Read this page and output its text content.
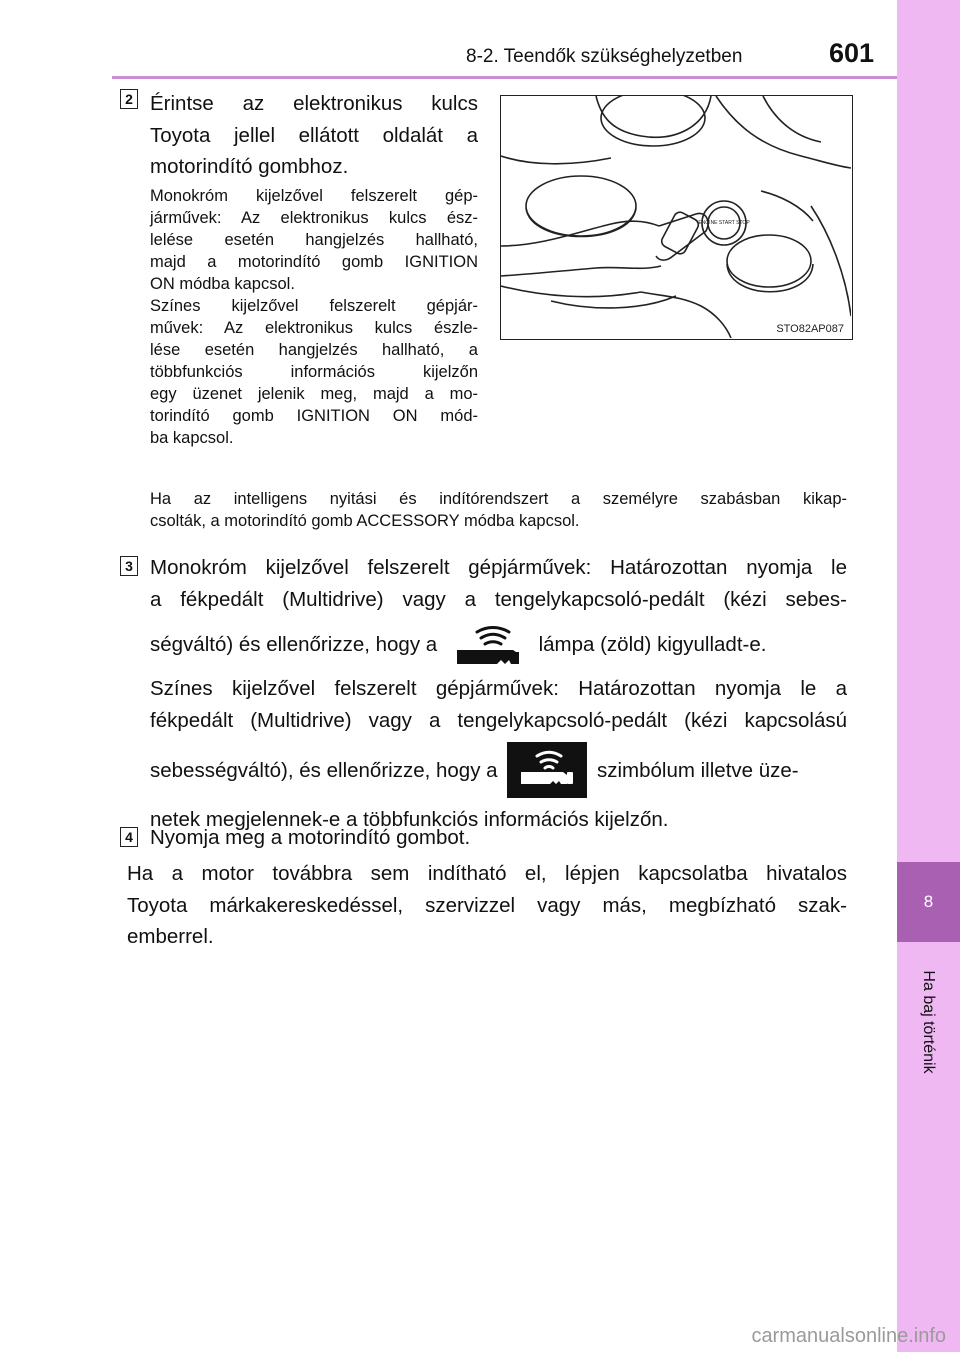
8-2. Teendők szükséghelyzetben	601
8
Ha baj történik
2 Érintse az elektronikus kulcs
Toyota jellel ellátott oldalát a
motorindító gombhoz.
Monokróm kijelzővel felszerelt gép-
járművek: Az elektronikus kulcs ész-
lelése esetén hangjelzés hallható,
majd a motorindító gomb IGNITION
ON módba kapcsol.
Színes kijelzővel felszerelt gépjár-
művek: Az elektronikus kulcs észle-
lése esetén hangjelzés hallható, a
többfunkciós információs kijelzőn
egy üzenet jelenik meg, majd a mo-
torindító gomb IGNITION ON mód-
ba kapcsol.
ENGINE START STOP
STO82AP087
Ha az intelligens nyitási és indítórendszert a személyre szabásban kikap-
csolták, a motorindító gomb ACCESSORY módba kapcsol.
3 Monokróm kijelzővel felszerelt gépjárművek: Határozottan nyomja le
a fékpedált (Multidrive) vagy a tengelykapcsoló-pedált (kézi sebes-
ségváltó) és ellenőrizze, hogy a	lámpa (zöld) kigyulladt-e.
Színes kijelzővel felszerelt gépjárművek: Határozottan nyomja le a
fékpedált (Multidrive) vagy a tengelykapcsoló-pedált (kézi kapcsolású
sebességváltó), és ellenőrizze, hogy a	szimbólum illetve üze-
netek megjelennek-e a többfunkciós információs kijelzőn.
4 Nyomja meg a motorindító gombot.
Ha a motor továbbra sem indítható el, lépjen kapcsolatba hivatalos
Toyota márkakereskedéssel, szervizzel vagy más, megbízható szak-
emberrel.
carmanualsonline.info
